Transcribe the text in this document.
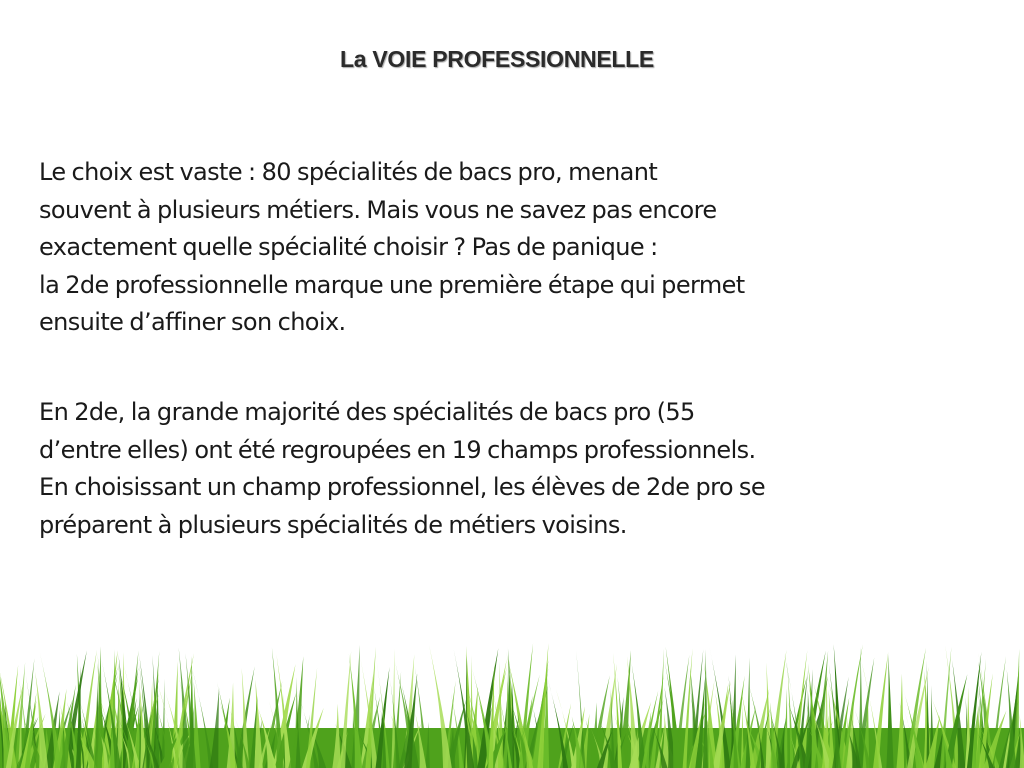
La VOIE PROFESSIONNELLE

Le choix est vaste : 80 spécialités de bacs pro, menant
souvent à plusieurs métiers. Mais vous ne savez pas encore
exactement quelle spécialité choisir ? Pas de panique :
la 2de professionnelle marque une première étape qui permet
ensuite d’affiner son choix.

En 2de, la grande majorité des spécialités de bacs pro (55
d’entre elles) ont été regroupées en 19 champs professionnels.
En choisissant un champ professionnel, les élèves de 2de pro se
préparent à plusieurs spécialités de métiers voisins.
